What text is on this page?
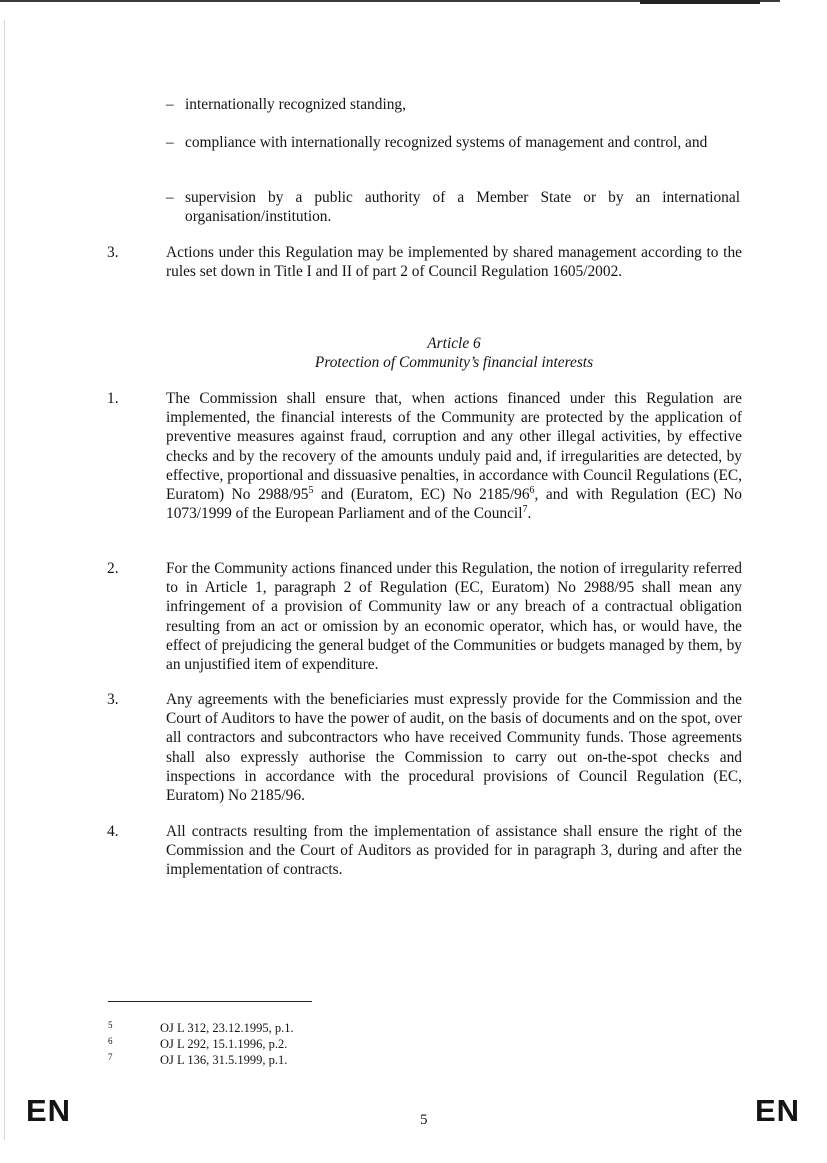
– internationally recognized standing,
– compliance with internationally recognized systems of management and control, and
– supervision by a public authority of a Member State or by an international organisation/institution.
3.	Actions under this Regulation may be implemented by shared management according to the rules set down in Title I and II of part 2 of Council Regulation 1605/2002.
Article 6
Protection of Community’s financial interests
1.	The Commission shall ensure that, when actions financed under this Regulation are implemented, the financial interests of the Community are protected by the application of preventive measures against fraud, corruption and any other illegal activities, by effective checks and by the recovery of the amounts unduly paid and, if irregularities are detected, by effective, proportional and dissuasive penalties, in accordance with Council Regulations (EC, Euratom) No $2988/95^5$ and (Euratom, EC) No $2185/96^6$, and with Regulation (EC) No 1073/1999 of the European Parliament and of the Council$^7$.
2.	For the Community actions financed under this Regulation, the notion of irregularity referred to in Article 1, paragraph 2 of Regulation (EC, Euratom) No 2988/95 shall mean any infringement of a provision of Community law or any breach of a contractual obligation resulting from an act or omission by an economic operator, which has, or would have, the effect of prejudicing the general budget of the Communities or budgets managed by them, by an unjustified item of expenditure.
3.	Any agreements with the beneficiaries must expressly provide for the Commission and the Court of Auditors to have the power of audit, on the basis of documents and on the spot, over all contractors and subcontractors who have received Community funds. Those agreements shall also expressly authorise the Commission to carry out on-the-spot checks and inspections in accordance with the procedural provisions of Council Regulation (EC, Euratom) No 2185/96.
4.	All contracts resulting from the implementation of assistance shall ensure the right of the Commission and the Court of Auditors as provided for in paragraph 3, during and after the implementation of contracts.
5	OJ L 312, 23.12.1995, p.1.
6	OJ L 292, 15.1.1996, p.2.
7	OJ L 136, 31.5.1999, p.1.
EN	5	EN
